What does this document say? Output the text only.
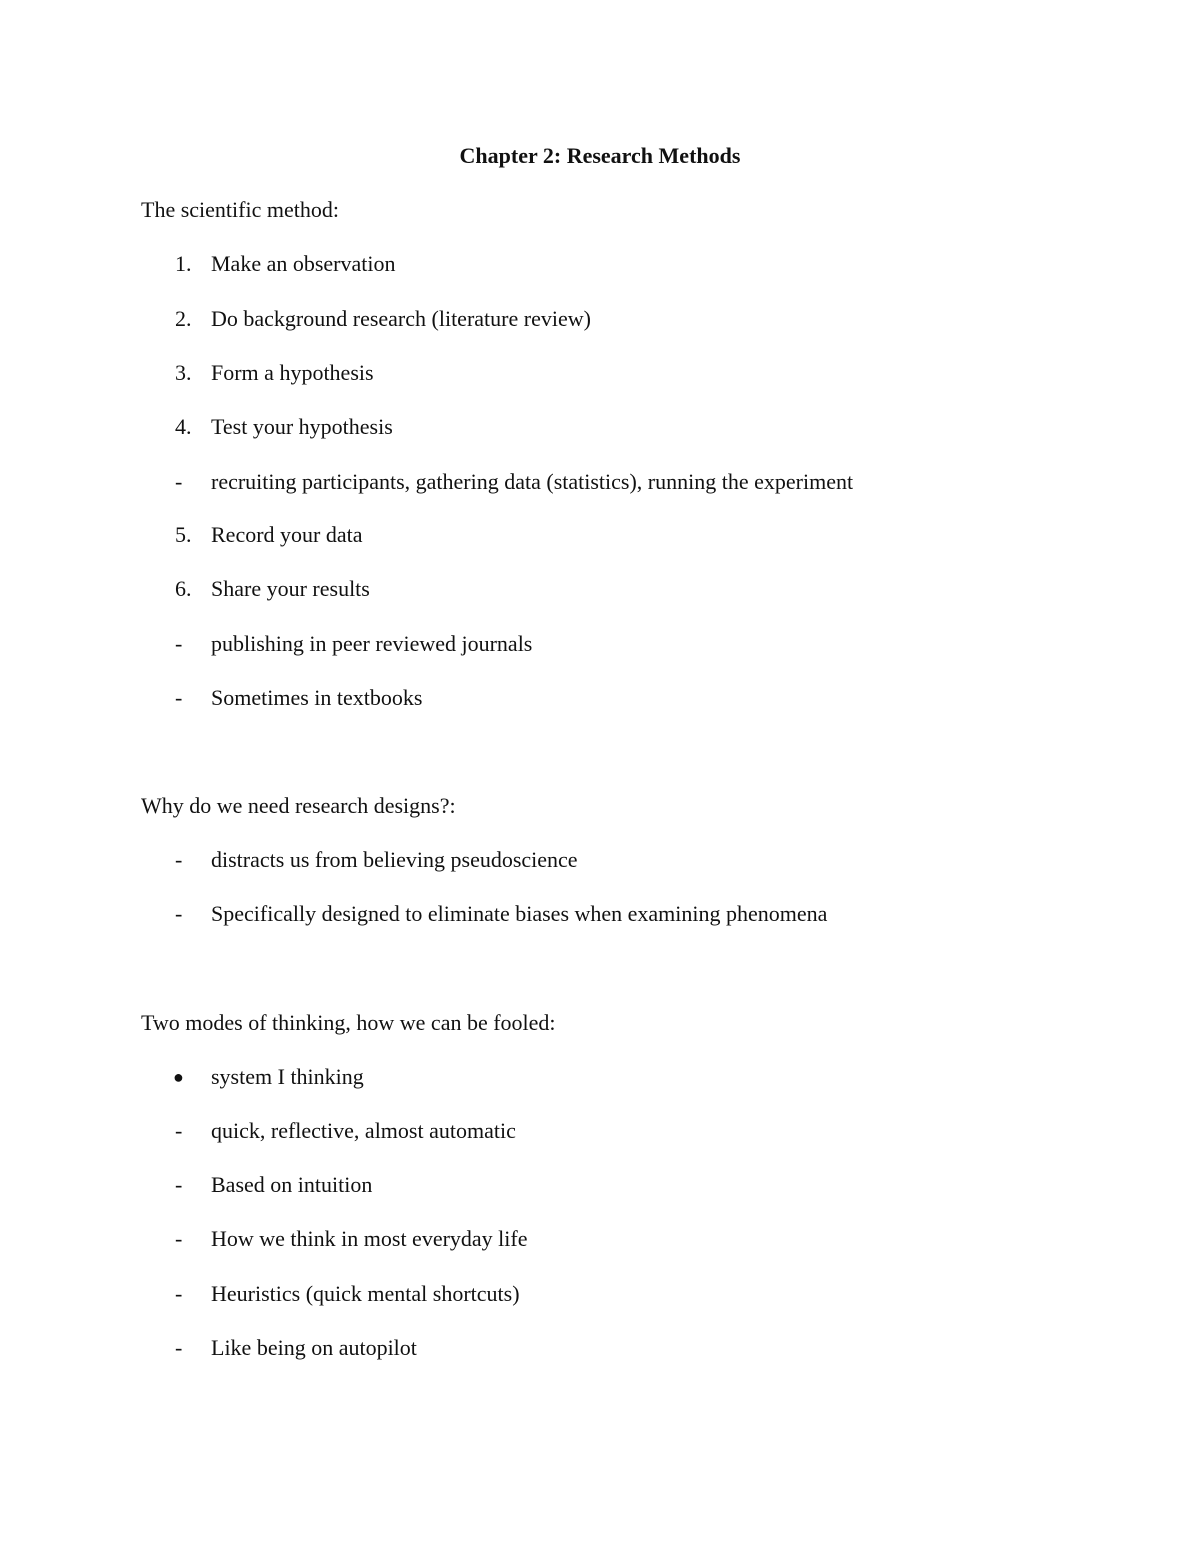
Chapter 2: Research Methods

The scientific method:

1. Make an observation
2. Do background research (literature review)
3. Form a hypothesis
4. Test your hypothesis
-	recruiting participants, gathering data (statistics), running the experiment
5. Record your data
6. Share your results
-	publishing in peer reviewed journals
-	Sometimes in textbooks

Why do we need research designs?:

-	distracts us from believing pseudoscience
-	Specifically designed to eliminate biases when examining phenomena

Two modes of thinking, how we can be fooled:

●	system I thinking
-	quick, reflective, almost automatic
-	Based on intuition
-	How we think in most everyday life
-	Heuristics (quick mental shortcuts)
-	Like being on autopilot
